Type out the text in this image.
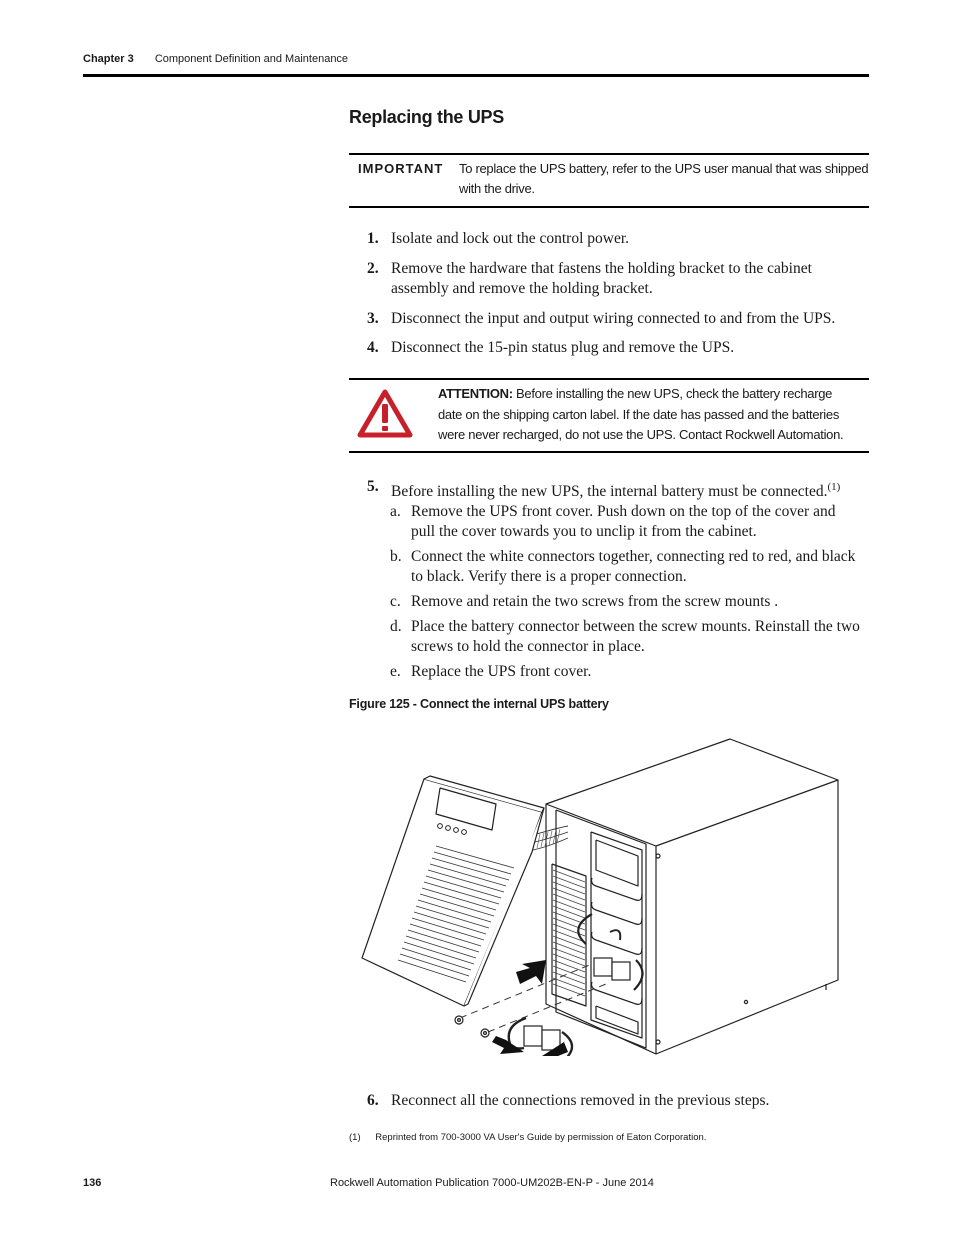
Chapter 3 Component Definition and Maintenance
Replacing the UPS
IMPORTANT To replace the UPS battery, refer to the UPS user manual that was shipped with the drive.
1. Isolate and lock out the control power.
2. Remove the hardware that fastens the holding bracket to the cabinet assembly and remove the holding bracket.
3. Disconnect the input and output wiring connected to and from the UPS.
4. Disconnect the 15-pin status plug and remove the UPS.
ATTENTION: Before installing the new UPS, check the battery recharge date on the shipping carton label. If the date has passed and the batteries were never recharged, do not use the UPS. Contact Rockwell Automation.
5. Before installing the new UPS, the internal battery must be connected.$^{(1)}$
a. Remove the UPS front cover. Push down on the top of the cover and pull the cover towards you to unclip it from the cabinet.
b. Connect the white connectors together, connecting red to red, and black to black. Verify there is a proper connection.
c. Remove and retain the two screws from the screw mounts .
d. Place the battery connector between the screw mounts. Reinstall the two screws to hold the connector in place.
e. Replace the UPS front cover.
Figure 125 - Connect the internal UPS battery
6. Reconnect all the connections removed in the previous steps.
(1) Reprinted from 700-3000 VA User's Guide by permission of Eaton Corporation.
136	Rockwell Automation Publication 7000-UM202B-EN-P - June 2014
